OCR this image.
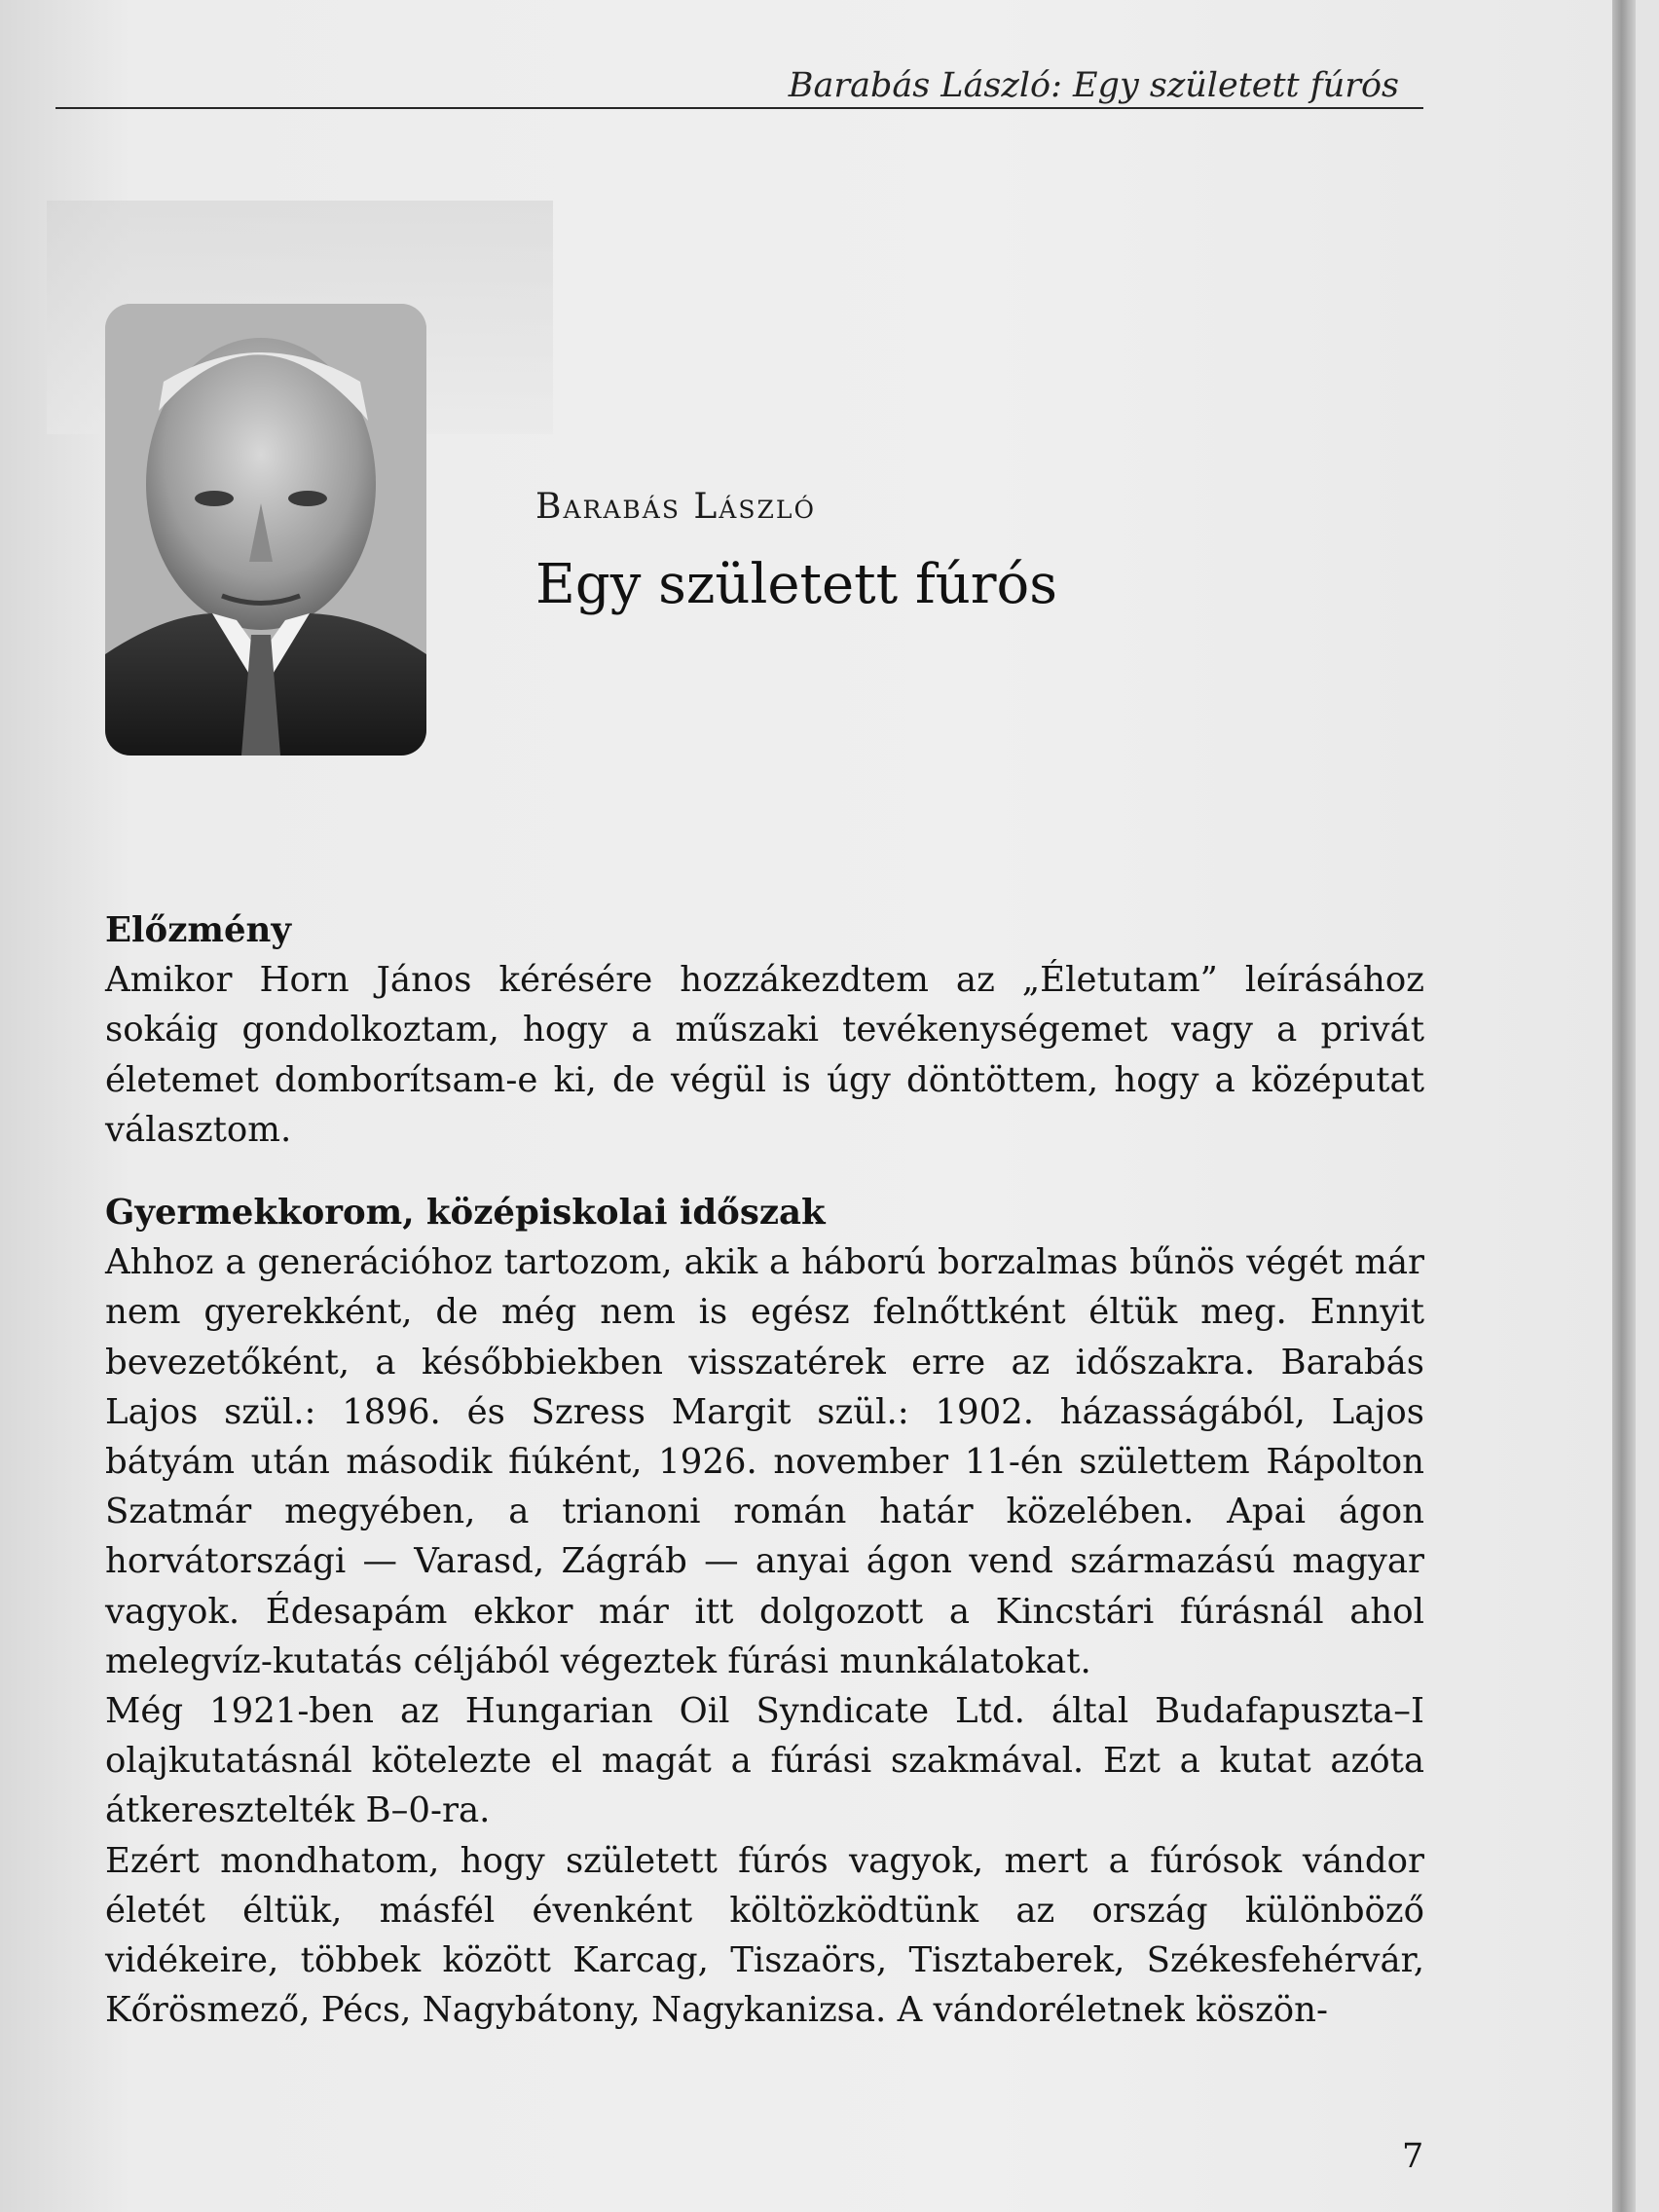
Barabás László: Egy született fúrós
Barabás László
Egy született fúrós
Előzmény

Amikor Horn János kérésére hozzákezdtem az „Életutam” leírásához sokáig gondolkoztam, hogy a műszaki tevékenységemet vagy a privát életemet domborítsam-e ki, de végül is úgy döntöttem, hogy a középutat választom.

Gyermekkorom, középiskolai időszak

Ahhoz a generációhoz tartozom, akik a háború borzalmas bűnös végét már nem gyerekként, de még nem is egész felnőttként éltük meg. Ennyit bevezetőként, a későbbiekben visszatérek erre az időszakra. Barabás Lajos szül.: 1896. és Szress Margit szül.: 1902. házasságából, Lajos bátyám után második fiúként, 1926. november 11-én születtem Rápolton Szatmár megyében, a trianoni román határ közelében. Apai ágon horvátországi — Varasd, Zágráb — anyai ágon vend származású magyar vagyok. Édesapám ekkor már itt dolgozott a Kincstári fúrásnál ahol melegvíz-kutatás céljából végeztek fúrási munkálatokat.

Még 1921-ben az Hungarian Oil Syndicate Ltd. által Budafapuszta–I olajkutatásnál kötelezte el magát a fúrási szakmával. Ezt a kutat azóta átkeresztelték B–0-ra.

Ezért mondhatom, hogy született fúrós vagyok, mert a fúrósok vándor életét éltük, másfél évenként költözködtünk az ország különböző vidékeire, többek között Karcag, Tiszaörs, Tisztaberek, Székesfehérvár, Kőrösmező, Pécs, Nagybátony, Nagykanizsa. A vándoréletnek köszön-

7
